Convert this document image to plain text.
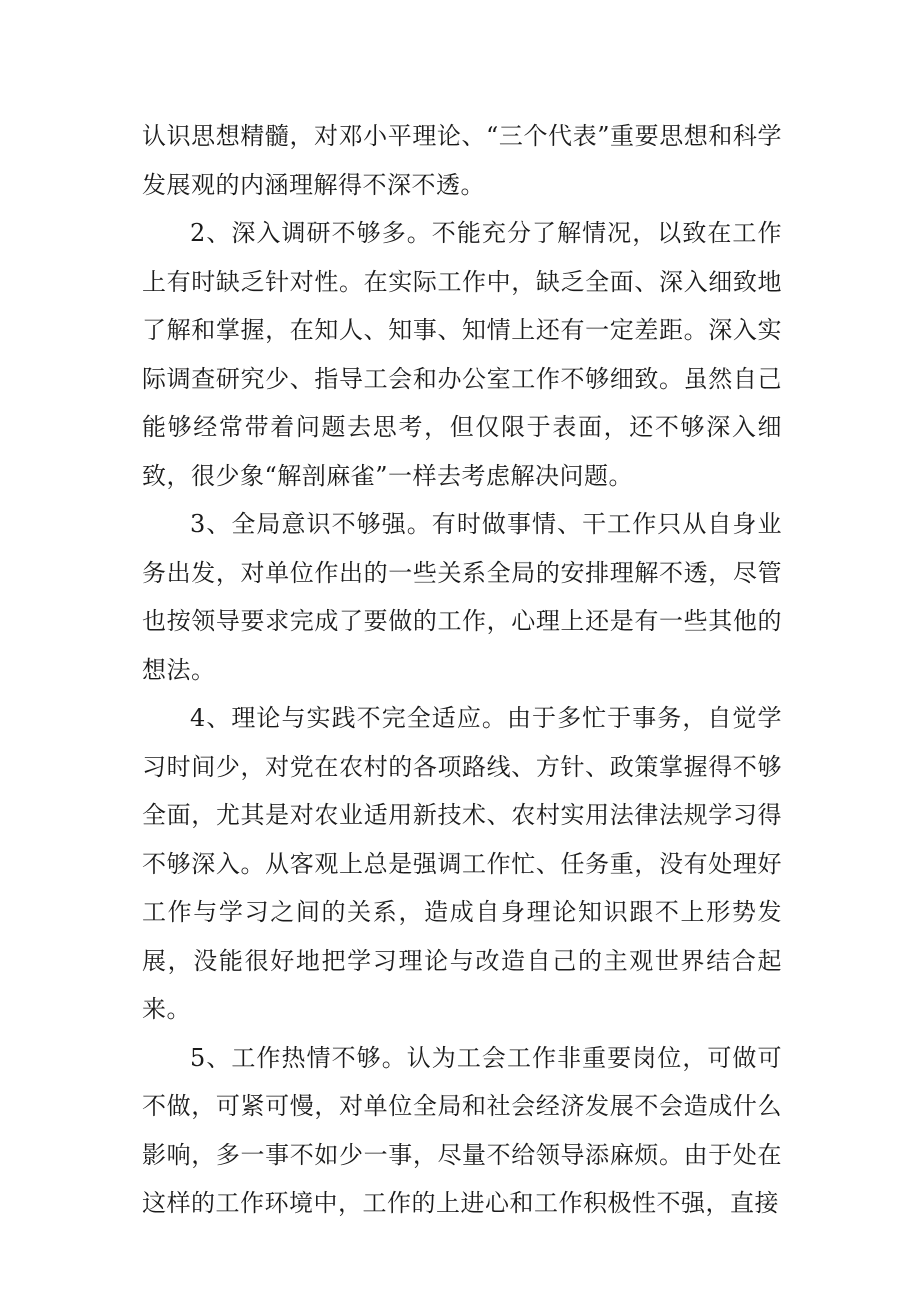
认识思想精髓，对邓小平理论、“三个代表”重要思想和科学发展观的内涵理解得不深不透。

2、深入调研不够多。不能充分了解情况，以致在工作上有时缺乏针对性。在实际工作中，缺乏全面、深入细致地了解和掌握，在知人、知事、知情上还有一定差距。深入实际调查研究少、指导工会和办公室工作不够细致。虽然自己能够经常带着问题去思考，但仅限于表面，还不够深入细致，很少象“解剖麻雀”一样去考虑解决问题。

3、全局意识不够强。有时做事情、干工作只从自身业务出发，对单位作出的一些关系全局的安排理解不透，尽管也按领导要求完成了要做的工作，心理上还是有一些其他的想法。

4、理论与实践不完全适应。由于多忙于事务，自觉学习时间少，对党在农村的各项路线、方针、政策掌握得不够全面，尤其是对农业适用新技术、农村实用法律法规学习得不够深入。从客观上总是强调工作忙、任务重，没有处理好工作与学习之间的关系，造成自身理论知识跟不上形势发展，没能很好地把学习理论与改造自己的主观世界结合起来。

5、工作热情不够。认为工会工作非重要岗位，可做可不做，可紧可慢，对单位全局和社会经济发展不会造成什么影响，多一事不如少一事，尽量不给领导添麻烦。由于处在这样的工作环境中，工作的上进心和工作积极性不强，直接
